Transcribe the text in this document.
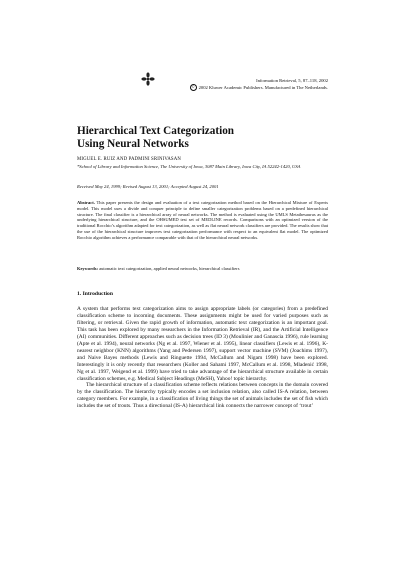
Information Retrieval, 5, 87–118, 2002
© 2002 Kluwer Academic Publishers. Manufactured in The Netherlands.
Hierarchical Text Categorization
Using Neural Networks
MIGUEL E. RUIZ AND PADMINI SRINIVASAN
*School of Library and Information Science, The University of Iowa, 3087 Main Library, Iowa City, IA 52242-1420, USA
Received May 24, 1999; Revised August 13, 2001; Accepted August 24, 2001
Abstract. This paper presents the design and evaluation of a text categorization method based on the Hierarchical Mixture of Experts model. This model uses a divide and conquer principle to define smaller categorization problems based on a predefined hierarchical structure. The final classifier is a hierarchical array of neural networks. The method is evaluated using the UMLS Metathesaurus as the underlying hierarchical structure, and the OHSUMED test set of MEDLINE records. Comparisons with an optimized version of the traditional Rocchio’s algorithm adapted for text categorization, as well as flat neural network classifiers are provided. The results show that the use of the hierarchical structure improves text categorization performance with respect to an equivalent flat model. The optimized Rocchio algorithm achieves a performance comparable with that of the hierarchical neural networks.
Keywords: automatic text categorization, applied neural networks, hierarchical classifiers
1. Introduction

A system that performs text categorization aims to assign appropriate labels (or categories) from a predefined classification scheme to incoming documents. These assignments might be used for varied purposes such as filtering, or retrieval. Given the rapid growth of information, automatic text categorization is an important goal. This task has been explored by many researchers in the Information Retrieval (IR), and the Artificial Intelligence (AI) communities. Different approaches such as decision trees (ID 3) (Moulinier and Ganascia 1996), rule learning (Apte et al. 1994), neural networks (Ng et al. 1997, Wiener et al. 1995), linear classifiers (Lewis et al. 1996), K-nearest neighbor (KNN) algorithms (Yang and Pedersen 1997), support vector machine (SVM) (Joachims 1997), and Naive Bayes methods (Lewis and Ringuette 1994, McCallum and Nigam 1998) have been explored. Interestingly it is only recently that researchers (Koller and Sahami 1997, McCallum et al. 1998, Mladenić 1998, Ng et al. 1997, Weigend et al. 1999) have tried to take advantage of the hierarchical structure available in certain classification schemes, e.g. Medical Subject Headings (MeSH), Yahoo! topic hierarchy.

The hierarchical structure of a classification scheme reflects relations between concepts in the domain covered by the classification. The hierarchy typically encodes a set inclusion relation, also called IS-A relation, between category members. For example, in a classification of living things the set of animals includes the set of fish which includes the set of trouts. Thus a directional (IS-A) hierarchical link connects the narrower concept of ‘trout’
